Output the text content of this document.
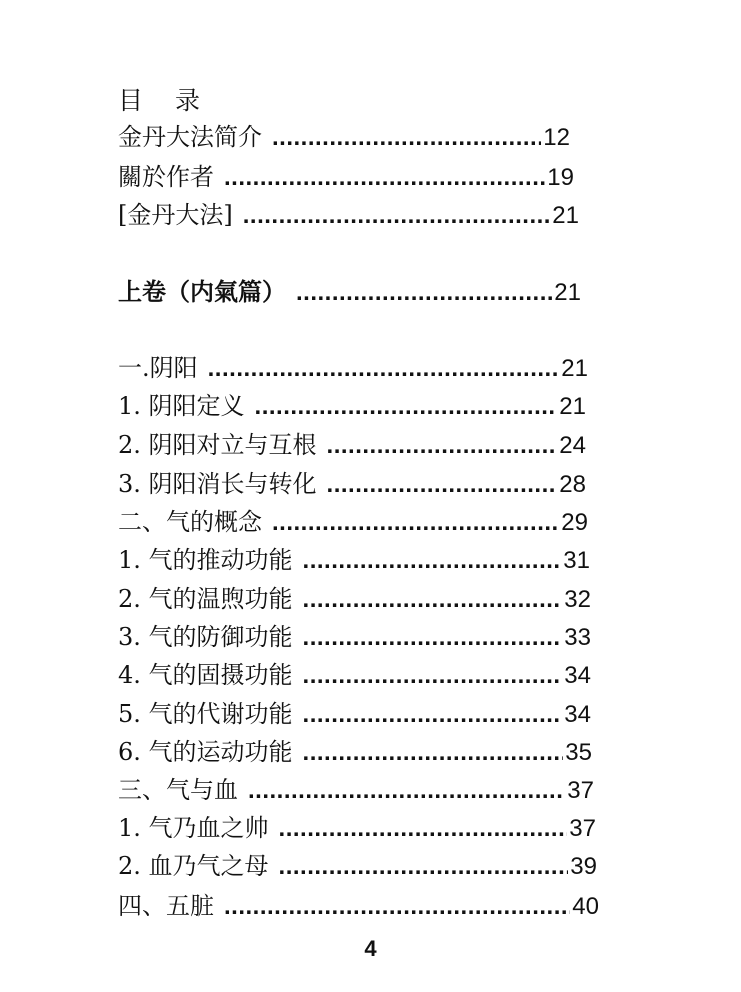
目 录
金丹大法简介 .....	12
關於作者 .....	19
[金丹大法] .....	21
上卷（内氣篇） .....	21
一.阴阳 .....	21
1. 阴阳定义 .....	21
2. 阴阳对立与互根 .....	24
3. 阴阳消长与转化 .....	28
二、气的概念 .....	29
1. 气的推动功能 .....	31
2. 气的温煦功能 .....	32
3. 气的防御功能 .....	33
4. 气的固摄功能 .....	34
5. 气的代谢功能 .....	34
6. 气的运动功能 .....	35
三、气与血 .....	37
1. 气乃血之帅 .....	37
2. 血乃气之母 .....	39
四、五脏 .....	40
4
